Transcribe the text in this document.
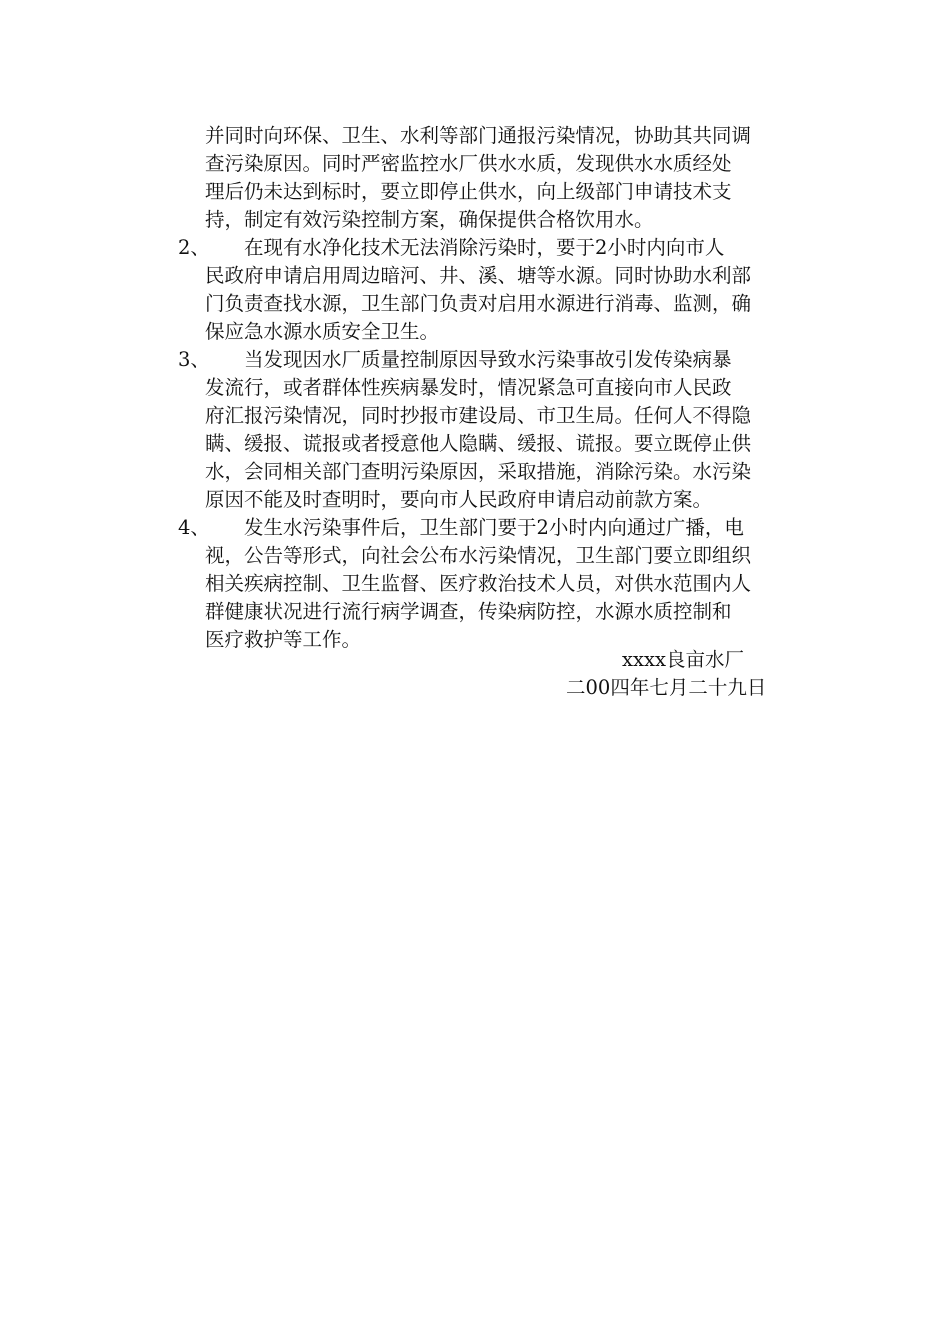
并同时向环保、卫生、水利等部门通报污染情况，协助其共同调
查污染原因。同时严密监控水厂供水水质，发现供水水质经处
理后仍未达到标时，要立即停止供水，向上级部门申请技术支
持，制定有效污染控制方案，确保提供合格饮用水。
2、 在现有水净化技术无法消除污染时，要于2小时内向市人
民政府申请启用周边暗河、井、溪、塘等水源。同时协助水利部
门负责查找水源，卫生部门负责对启用水源进行消毒、监测，确
保应急水源水质安全卫生。
3、 当发现因水厂质量控制原因导致水污染事故引发传染病暴
发流行，或者群体性疾病暴发时，情况紧急可直接向市人民政
府汇报污染情况，同时抄报市建设局、市卫生局。任何人不得隐
瞒、缓报、谎报或者授意他人隐瞒、缓报、谎报。要立既停止供
水，会同相关部门查明污染原因，采取措施，消除污染。水污染
原因不能及时查明时，要向市人民政府申请启动前款方案。
4、 发生水污染事件后，卫生部门要于2小时内向通过广播，电
视，公告等形式，向社会公布水污染情况，卫生部门要立即组织
相关疾病控制、卫生监督、医疗救治技术人员，对供水范围内人
群健康状况进行流行病学调查，传染病防控，水源水质控制和
医疗救护等工作。
xxxx良亩水厂
二00四年七月二十九日
